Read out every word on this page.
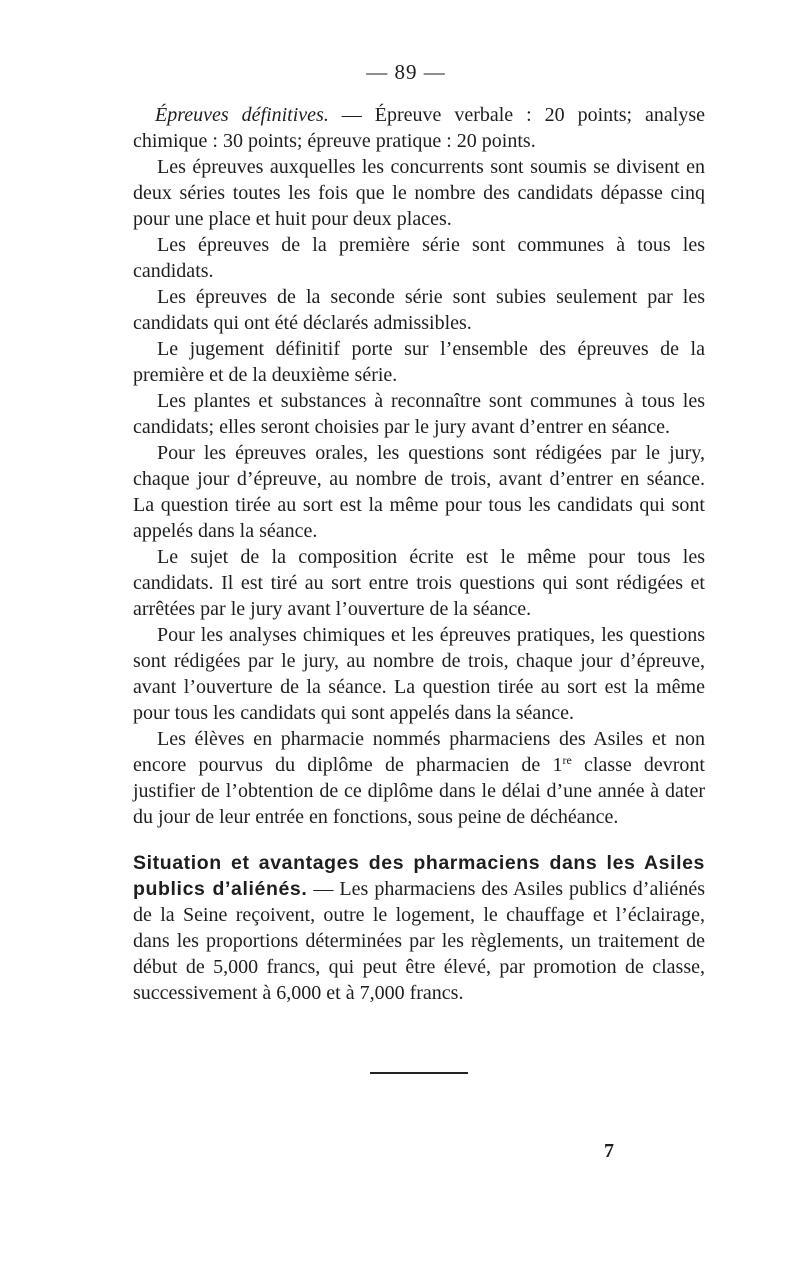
— 89 —

Épreuves définitives. — Épreuve verbale : 20 points; analyse chimique : 30 points; épreuve pratique : 20 points.

Les épreuves auxquelles les concurrents sont soumis se divisent en deux séries toutes les fois que le nombre des candidats dépasse cinq pour une place et huit pour deux places.

Les épreuves de la première série sont communes à tous les candidats.

Les épreuves de la seconde série sont subies seulement par les candidats qui ont été déclarés admissibles.

Le jugement définitif porte sur l’ensemble des épreuves de la première et de la deuxième série.

Les plantes et substances à reconnaître sont communes à tous les candidats; elles seront choisies par le jury avant d’entrer en séance.

Pour les épreuves orales, les questions sont rédigées par le jury, chaque jour d’épreuve, au nombre de trois, avant d’entrer en séance. La question tirée au sort est la même pour tous les candidats qui sont appelés dans la séance.

Le sujet de la composition écrite est le même pour tous les candidats. Il est tiré au sort entre trois questions qui sont rédigées et arrêtées par le jury avant l’ouverture de la séance.

Pour les analyses chimiques et les épreuves pratiques, les questions sont rédigées par le jury, au nombre de trois, chaque jour d’épreuve, avant l’ouverture de la séance. La question tirée au sort est la même pour tous les candidats qui sont appelés dans la séance.

Les élèves en pharmacie nommés pharmaciens des Asiles et non encore pourvus du diplôme de pharmacien de 1re classe devront justifier de l’obtention de ce diplôme dans le délai d’une année à dater du jour de leur entrée en fonctions, sous peine de déchéance.

Situation et avantages des pharmaciens dans les Asiles publics d’aliénés. — Les pharmaciens des Asiles publics d’aliénés de la Seine reçoivent, outre le logement, le chauffage et l’éclairage, dans les proportions déterminées par les règlements, un traitement de début de 5,000 francs, qui peut être élevé, par promotion de classe, successivement à 6,000 et à 7,000 francs.

7
